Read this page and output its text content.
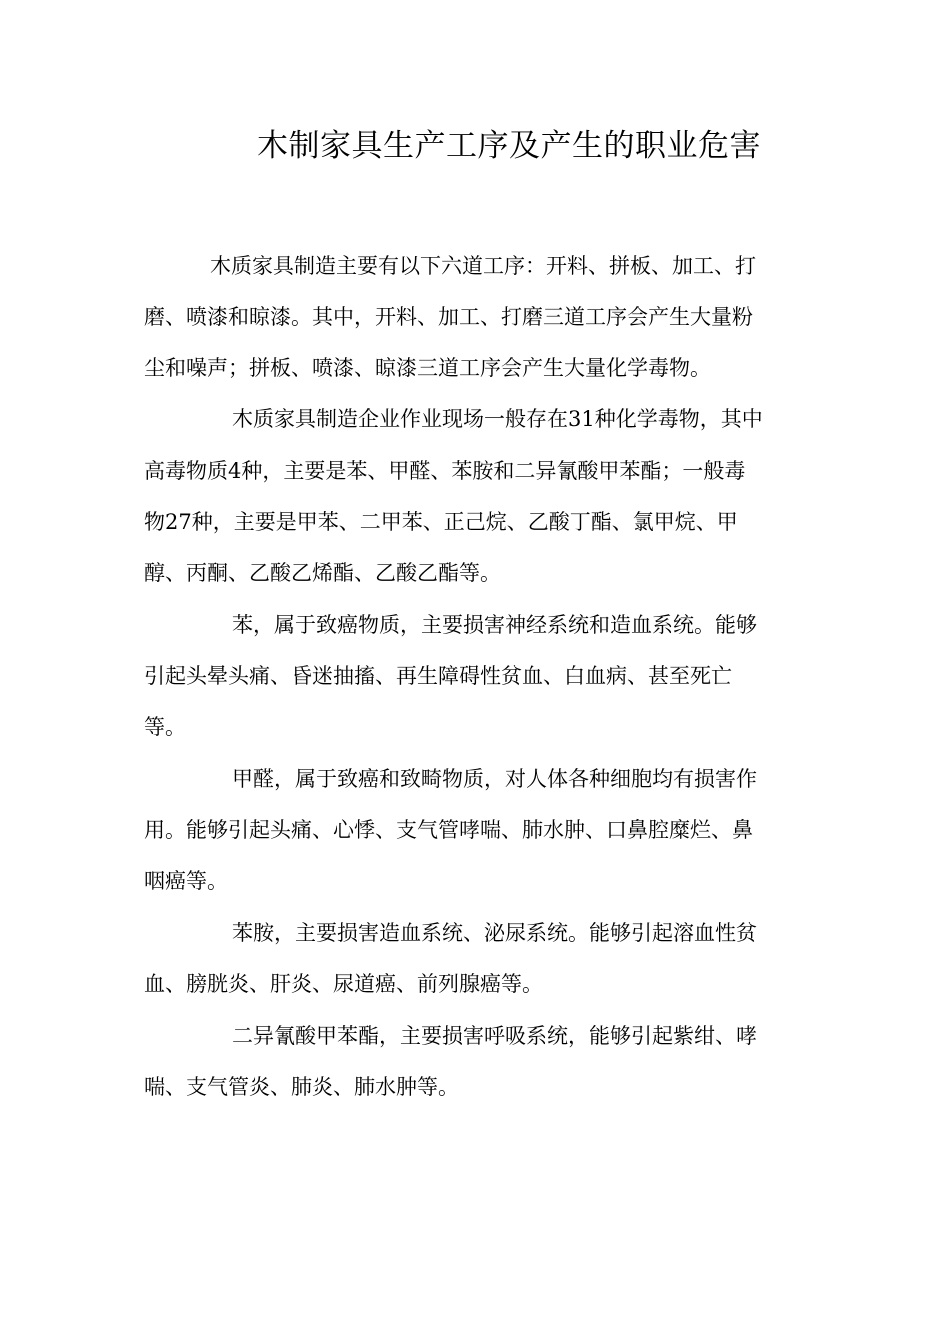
木制家具生产工序及产生的职业危害

木质家具制造主要有以下六道工序：开料、拼板、加工、打

磨、喷漆和晾漆。其中，开料、加工、打磨三道工序会产生大量粉

尘和噪声；拼板、喷漆、晾漆三道工序会产生大量化学毒物。

木质家具制造企业作业现场一般存在31种化学毒物，其中

高毒物质4种，主要是苯、甲醛、苯胺和二异氰酸甲苯酯；一般毒

物27种，主要是甲苯、二甲苯、正己烷、乙酸丁酯、氯甲烷、甲

醇、丙酮、乙酸乙烯酯、乙酸乙酯等。

苯，属于致癌物质，主要损害神经系统和造血系统。能够

引起头晕头痛、昏迷抽搐、再生障碍性贫血、白血病、甚至死亡

等。

甲醛，属于致癌和致畸物质，对人体各种细胞均有损害作

用。能够引起头痛、心悸、支气管哮喘、肺水肿、口鼻腔糜烂、鼻

咽癌等。

苯胺，主要损害造血系统、泌尿系统。能够引起溶血性贫

血、膀胱炎、肝炎、尿道癌、前列腺癌等。

二异氰酸甲苯酯，主要损害呼吸系统，能够引起紫绀、哮

喘、支气管炎、肺炎、肺水肿等。
